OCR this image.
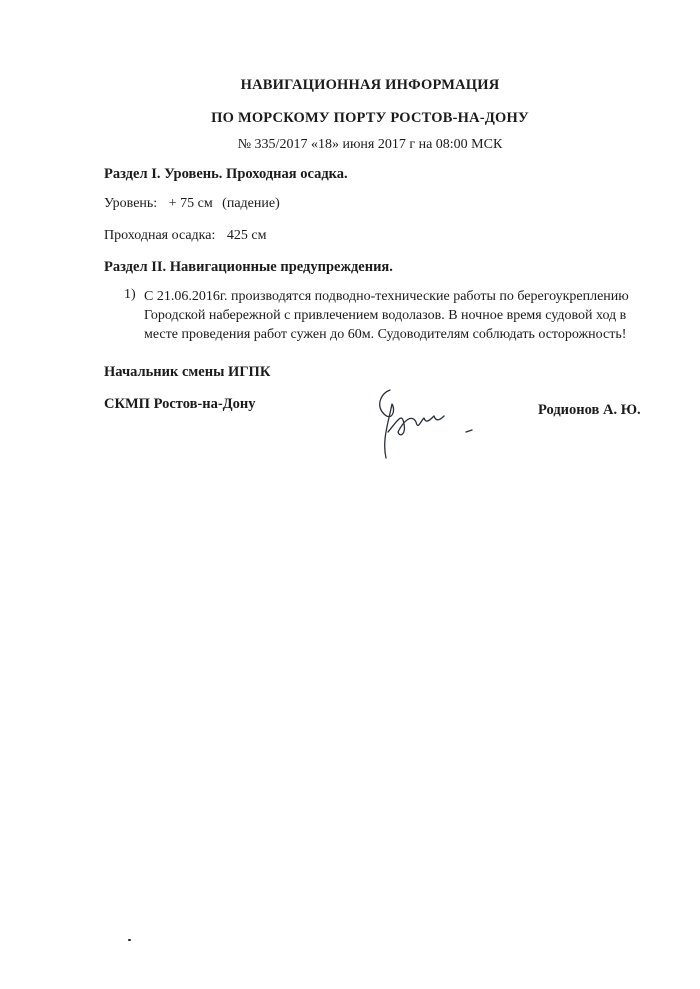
НАВИГАЦИОННАЯ ИНФОРМАЦИЯ
ПО МОРСКОМУ ПОРТУ РОСТОВ-НА-ДОНУ
№ 335/2017 «18» июня 2017 г на 08:00 МСК
Раздел I. Уровень. Проходная осадка.
Уровень: + 75 см (падение)
Проходная осадка: 425 см
Раздел II. Навигационные предупреждения.
1) С 21.06.2016г. производятся подводно-технические работы по берегоукреплению Городской набережной с привлечением водолазов. В ночное время судовой ход в месте проведения работ сужен до 60м. Судоводителям соблюдать осторожность!
Начальник смены ИГПК
СКМП Ростов-на-Дону	Родионов А. Ю.
